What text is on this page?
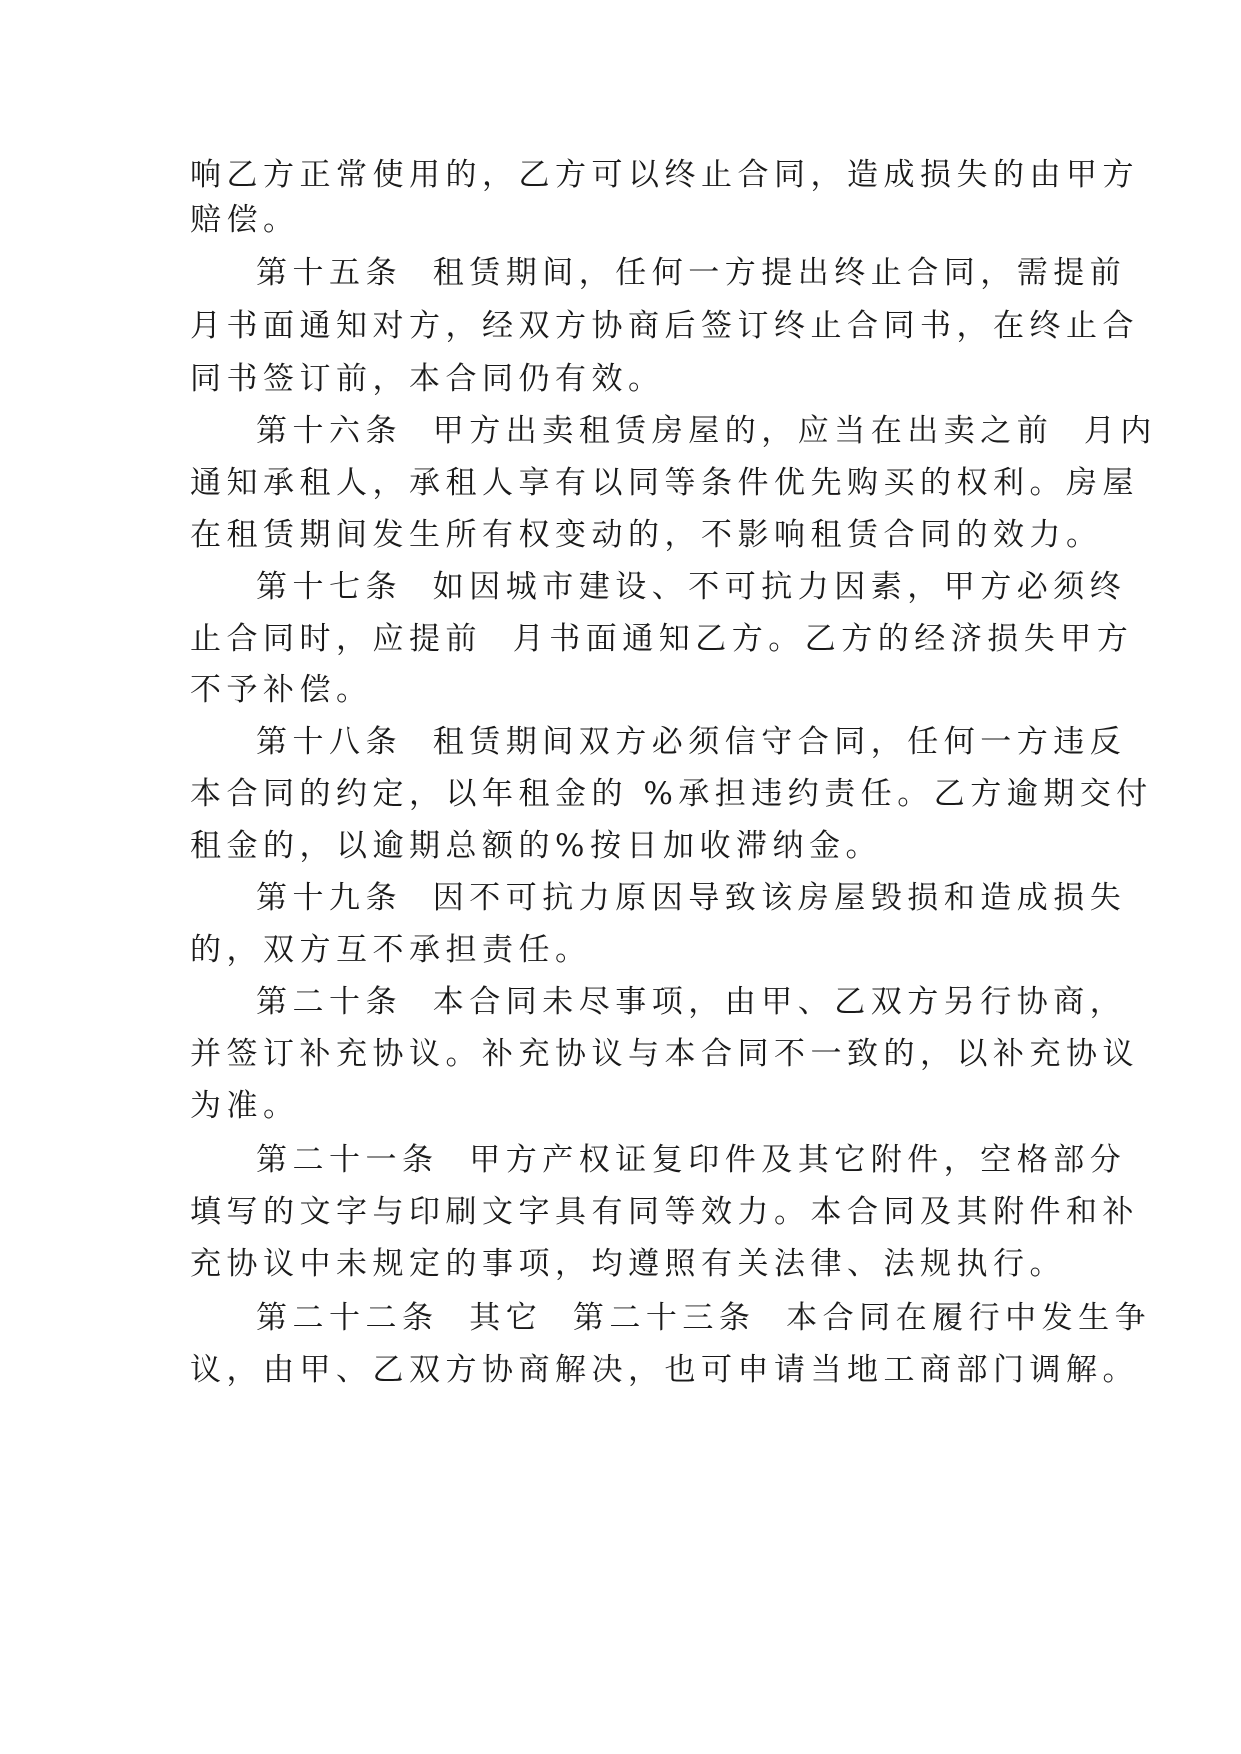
响乙方正常使用的，乙方可以终止合同，造成损失的由甲方
赔偿。
第十五条  租赁期间，任何一方提出终止合同，需提前
月书面通知对方，经双方协商后签订终止合同书，在终止合
同书签订前，本合同仍有效。
第十六条  甲方出卖租赁房屋的，应当在出卖之前  月内
通知承租人，承租人享有以同等条件优先购买的权利。房屋
在租赁期间发生所有权变动的，不影响租赁合同的效力。
第十七条  如因城市建设、不可抗力因素，甲方必须终
止合同时，应提前  月书面通知乙方。乙方的经济损失甲方
不予补偿。
第十八条  租赁期间双方必须信守合同，任何一方违反
本合同的约定，以年租金的 %承担违约责任。乙方逾期交付
租金的，以逾期总额的%按日加收滞纳金。
第十九条  因不可抗力原因导致该房屋毁损和造成损失
的，双方互不承担责任。
第二十条  本合同未尽事项，由甲、乙双方另行协商，
并签订补充协议。补充协议与本合同不一致的，以补充协议
为准。
第二十一条  甲方产权证复印件及其它附件，空格部分
填写的文字与印刷文字具有同等效力。本合同及其附件和补
充协议中未规定的事项，均遵照有关法律、法规执行。
第二十二条  其它  第二十三条  本合同在履行中发生争
议，由甲、乙双方协商解决，也可申请当地工商部门调解。
